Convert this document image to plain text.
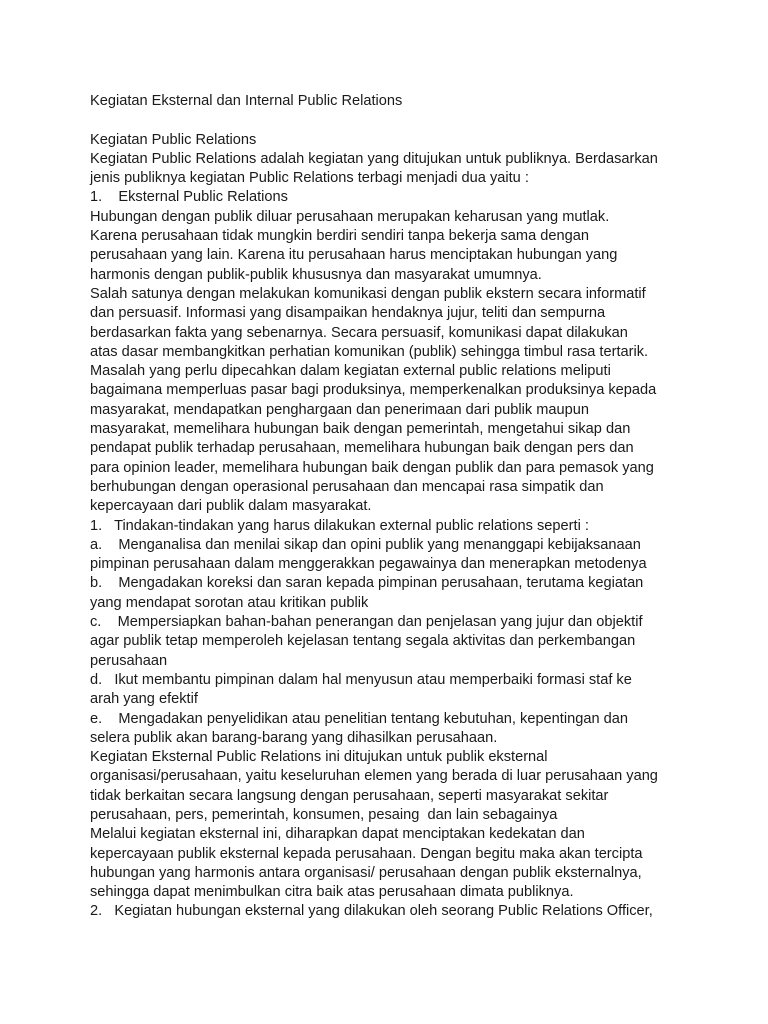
Kegiatan Eksternal dan Internal Public Relations
Kegiatan Public Relations
Kegiatan Public Relations adalah kegiatan yang ditujukan untuk publiknya. Berdasarkan
jenis publiknya kegiatan Public Relations terbagi menjadi dua yaitu :
1.    Eksternal Public Relations
Hubungan dengan publik diluar perusahaan merupakan keharusan yang mutlak.
Karena perusahaan tidak mungkin berdiri sendiri tanpa bekerja sama dengan
perusahaan yang lain. Karena itu perusahaan harus menciptakan hubungan yang
harmonis dengan publik-publik khususnya dan masyarakat umumnya.
Salah satunya dengan melakukan komunikasi dengan publik ekstern secara informatif
dan persuasif. Informasi yang disampaikan hendaknya jujur, teliti dan sempurna
berdasarkan fakta yang sebenarnya. Secara persuasif, komunikasi dapat dilakukan
atas dasar membangkitkan perhatian komunikan (publik) sehingga timbul rasa tertarik.
Masalah yang perlu dipecahkan dalam kegiatan external public relations meliputi
bagaimana memperluas pasar bagi produksinya, memperkenalkan produksinya kepada
masyarakat, mendapatkan penghargaan dan penerimaan dari publik maupun
masyarakat, memelihara hubungan baik dengan pemerintah, mengetahui sikap dan
pendapat publik terhadap perusahaan, memelihara hubungan baik dengan pers dan
para opinion leader, memelihara hubungan baik dengan publik dan para pemasok yang
berhubungan dengan operasional perusahaan dan mencapai rasa simpatik dan
kepercayaan dari publik dalam masyarakat.
1.   Tindakan-tindakan yang harus dilakukan external public relations seperti :
a.    Menganalisa dan menilai sikap dan opini publik yang menanggapi kebijaksanaan
pimpinan perusahaan dalam menggerakkan pegawainya dan menerapkan metodenya
b.    Mengadakan koreksi dan saran kepada pimpinan perusahaan, terutama kegiatan
yang mendapat sorotan atau kritikan publik
c.    Mempersiapkan bahan-bahan penerangan dan penjelasan yang jujur dan objektif
agar publik tetap memperoleh kejelasan tentang segala aktivitas dan perkembangan
perusahaan
d.   Ikut membantu pimpinan dalam hal menyusun atau memperbaiki formasi staf ke
arah yang efektif
e.    Mengadakan penyelidikan atau penelitian tentang kebutuhan, kepentingan dan
selera publik akan barang-barang yang dihasilkan perusahaan.
Kegiatan Eksternal Public Relations ini ditujukan untuk publik eksternal
organisasi/perusahaan, yaitu keseluruhan elemen yang berada di luar perusahaan yang
tidak berkaitan secara langsung dengan perusahaan, seperti masyarakat sekitar
perusahaan, pers, pemerintah, konsumen, pesaing  dan lain sebagainya
Melalui kegiatan eksternal ini, diharapkan dapat menciptakan kedekatan dan
kepercayaan publik eksternal kepada perusahaan. Dengan begitu maka akan tercipta
hubungan yang harmonis antara organisasi/ perusahaan dengan publik eksternalnya,
sehingga dapat menimbulkan citra baik atas perusahaan dimata publiknya.
2.   Kegiatan hubungan eksternal yang dilakukan oleh seorang Public Relations Officer,
